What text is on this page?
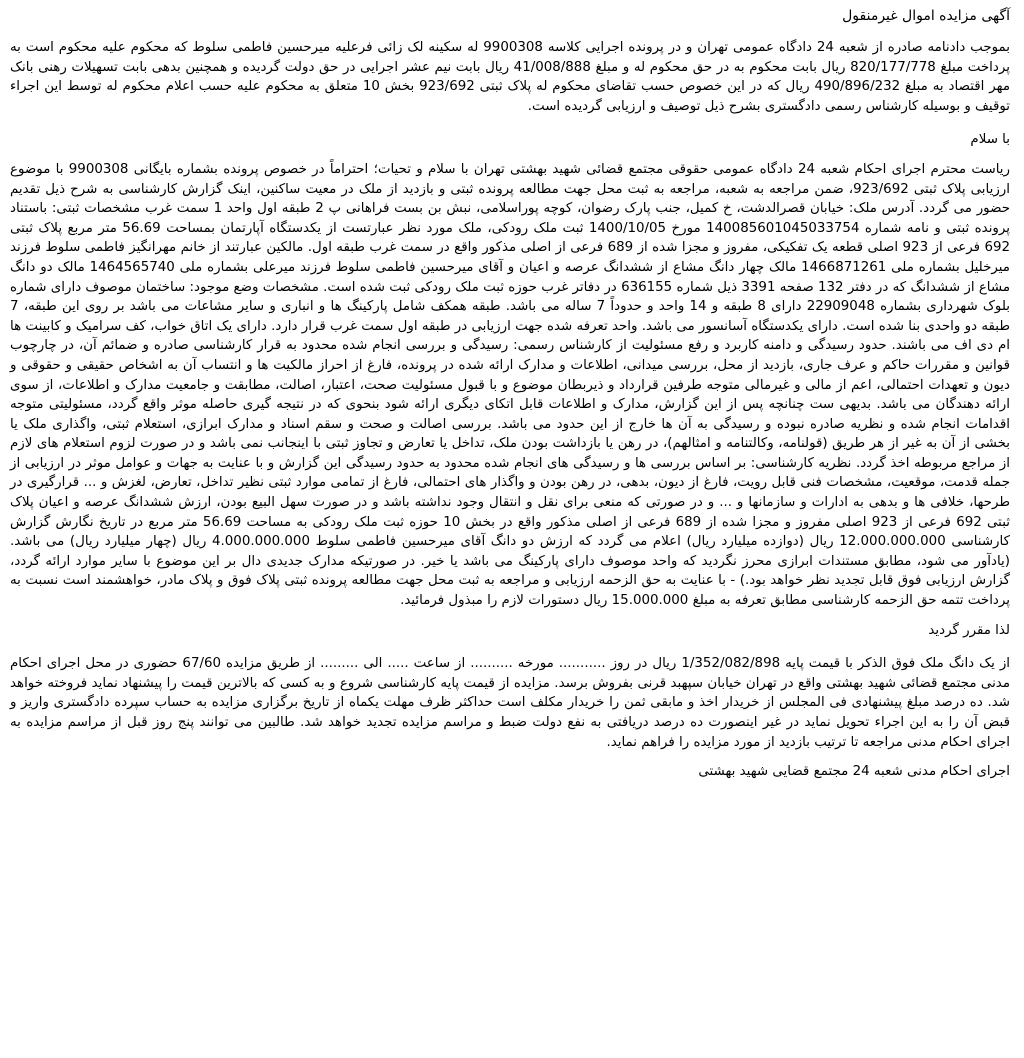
آگهی مزایده اموال غیرمنقول

بموجب دادنامه صادره از شعبه 24 دادگاه عمومی تهران و در پرونده اجرایی کلاسه 9900308 له سکینه لک زائی فرعلیه میرحسین فاطمی سلوط که محکوم علیه محکوم است به پرداخت مبلغ 820/177/778 ریال بابت محکوم به در حق محکوم له و مبلغ 41/008/888 ریال بابت نیم عشر اجرایی در حق دولت گردیده و همچنین بدهی بابت تسهیلات رهنی بانک مهر اقتصاد به مبلغ 490/896/232 ریال که در این خصوص حسب تقاضای محکوم له پلاک ثبتی 923/692 بخش 10 متعلق به محکوم علیه حسب اعلام محکوم له توسط این اجراء توقیف و بوسیله کارشناس رسمی دادگستری بشرح ذیل توصیف و ارزیابی گردیده است.

با سلام

ریاست محترم اجرای احکام شعبه 24 دادگاه عمومی حقوقی مجتمع قضائی شهید بهشتی تهران با سلام و تحیات؛ احتراماً در خصوص پرونده بشماره بایگانی 9900308 با موضوع ارزیابی پلاک ثبتی 923/692، ضمن مراجعه به شعبه، مراجعه به ثبت محل جهت مطالعه پرونده ثبتی و بازدید از ملک در معیت ساکنین، اینک گزارش کارشناسی به شرح ذیل تقدیم حضور می گردد. آدرس ملک: خیابان قصرالدشت، خ کمیل، جنب پارک رضوان، کوچه پوراسلامی، نبش بن بست فراهانی پ 2 طبقه اول واحد 1 سمت غرب مشخصات ثبتی: باستناد پرونده ثبتی و نامه شماره 140085601045033754 مورخ 1400/10/05 ثبت ملک رودکی، ملک مورد نظر عبارتست از یکدستگاه آپارتمان بمساحت 56.69 متر مربع پلاک ثبتی 692 فرعی از 923 اصلی قطعه یک تفکیکی، مفروز و مجزا شده از 689 فرعی از اصلی مذکور واقع در سمت غرب طبقه اول. مالکین عبارتند از خانم مهرانگیز فاطمی سلوط فرزند میرخلیل بشماره ملی 1466871261 مالک چهار دانگ مشاع از ششدانگ عرصه و اعیان و آقای میرحسین فاطمی سلوط فرزند میرعلی بشماره ملی 1464565740 مالک دو دانگ مشاع از ششدانگ که در دفتر 132 صفحه 3391 ذیل شماره 636155 در دفاتر غرب حوزه ثبت ملک رودکی ثبت شده است. مشخصات وضع موجود: ساختمان موصوف دارای شماره بلوک شهرداری بشماره 22909048 دارای 8 طبقه و 14 واحد و حدوداً 7 ساله می باشد. طبقه همکف شامل پارکینگ ها و انباری و سایر مشاعات می باشد بر روی این طبقه، 7 طبقه دو واحدی بنا شده است. دارای یکدستگاه آسانسور می باشد. واحد تعرفه شده جهت ارزیابی در طبقه اول سمت غرب قرار دارد. دارای یک اتاق خواب، کف سرامیک و کابینت ها ام دی اف می باشند. حدود رسیدگی و دامنه کاربرد و رفع مسئولیت از کارشناس رسمی: رسیدگی و بررسی انجام شده محدود به قرار کارشناسی صادره و ضمائم آن، در چارچوب قوانین و مقررات حاکم و عرف جاری، بازدید از محل، بررسی میدانی، اطلاعات و مدارک ارائه شده در پرونده، فارغ از احراز مالکیت ها و انتساب آن به اشخاص حقیقی و حقوقی و دیون و تعهدات احتمالی، اعم از مالی و غیرمالی متوجه طرفین قرارداد و ذیربطان موضوع و با قبول مسئولیت صحت، اعتبار، اصالت، مطابقت و جامعیت مدارک و اطلاعات، از سوی ارائه دهندگان می باشد. بدیهی ست چنانچه پس از این گزارش، مدارک و اطلاعات قابل اتکای دیگری ارائه شود بنحوی که در نتیجه گیری حاصله موثر واقع گردد، مسئولیتی متوجه اقدامات انجام شده و نظریه صادره نبوده و رسیدگی به آن ها خارج از این حدود می باشد. بررسی اصالت و صحت و سقم اسناد و مدارک ابرازی، استعلام ثبتی، واگذاری ملک یا بخشی از آن به غیر از هر طریق (قولنامه، وکالتنامه و امثالهم)، در رهن یا بازداشت بودن ملک، تداخل یا تعارض و تجاوز ثبتی با اینجانب نمی باشد و در صورت لزوم استعلام های لازم از مراجع مربوطه اخذ گردد. نظریه کارشناسی: بر اساس بررسی ها و رسیدگی های انجام شده محدود به حدود رسیدگی این گزارش و با عنایت به جهات و عوامل موثر در ارزیابی از جمله قدمت، موقعیت، مشخصات فنی قابل رویت، فارغ از دیون، بدهی، در رهن بودن و واگذار های احتمالی، فارغ از تمامی موارد ثبتی نظیر تداخل، تعارض، لغزش و ... قرارگیری در طرحها، خلافی ها و بدهی به ادارات و سازمانها و ... و در صورتی که منعی برای نقل و انتقال وجود نداشته باشد و در صورت سهل البیع بودن، ارزش ششدانگ عرصه و اعیان پلاک ثبتی 692 فرعی از 923 اصلی مفروز و مجزا شده از 689 فرعی از اصلی مذکور واقع در بخش 10 حوزه ثبت ملک رودکی به مساحت 56.69 متر مربع در تاریخ نگارش گزارش کارشناسی 12.000.000.000 ریال (دوازده میلیارد ریال) اعلام می گردد که ارزش دو دانگ آقای میرحسین فاطمی سلوط 4.000.000.000 ریال (چهار میلیارد ریال) می باشد. (یادآور می شود، مطابق مستندات ابرازی محرز نگردید که واحد موصوف دارای پارکینگ می باشد یا خیر. در صورتیکه مدارک جدیدی دال بر این موضوع با سایر موارد ارائه گردد، گزارش ارزیابی فوق قابل تجدید نظر خواهد بود.) - با عنایت به حق الزحمه ارزیابی و مراجعه به ثبت محل جهت مطالعه پرونده ثبتی پلاک فوق و پلاک مادر، خواهشمند است نسبت به پرداخت تتمه حق الزحمه کارشناسی مطابق تعرفه به مبلغ 15.000.000 ریال دستورات لازم را مبذول فرمائید.

لذا مقرر گردید

از یک دانگ ملک فوق الذکر با قیمت پایه 1/352/082/898 ریال در روز ........... مورخه .......... از ساعت ..... الی ......... از طریق مزایده 67/60 حضوری در محل اجرای احکام مدنی مجتمع قضائی شهید بهشتی واقع در تهران خیابان سپهبد قرنی بفروش برسد. مزایده از قیمت پایه کارشناسی شروع و به کسی که بالاترین قیمت را پیشنهاد نماید فروخته خواهد شد. ده درصد مبلغ پیشنهادی فی المجلس از خریدار اخذ و مابقی ثمن را خریدار مکلف است حداکثر ظرف مهلت یکماه از تاریخ برگزاری مزایده به حساب سپرده دادگستری واریز و قبض آن را به این اجراء تحویل نماید در غیر اینصورت ده درصد دریافتی به نفع دولت ضبط و مراسم مزایده تجدید خواهد شد. طالبین می توانند پنج روز قبل از مراسم مزایده به اجرای احکام مدنی مراجعه تا ترتیب بازدید از مورد مزایده را فراهم نماید.

اجرای احکام مدنی شعبه 24 مجتمع قضایی شهید بهشتی
